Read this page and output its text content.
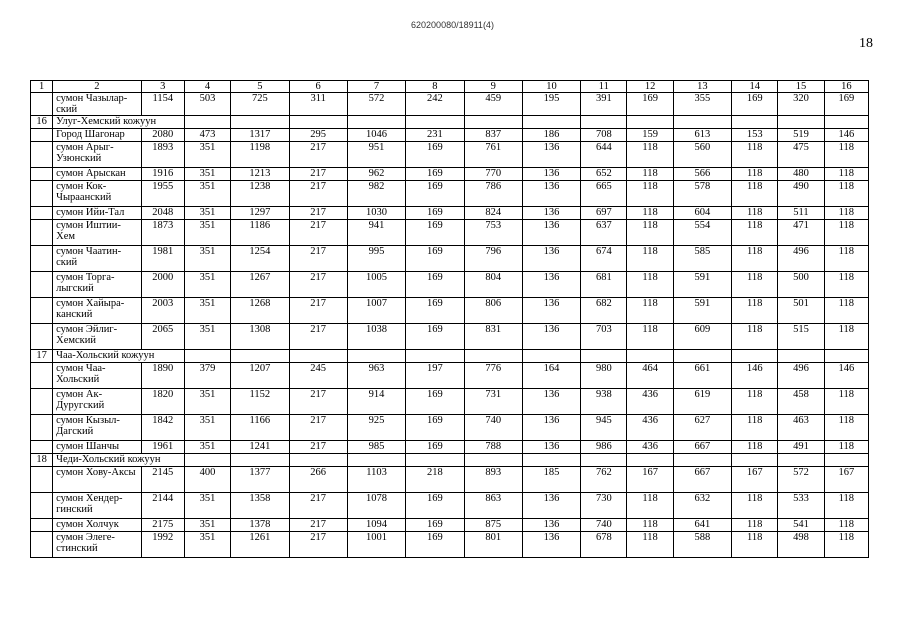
620200080/18911(4)
18
1	2	3	4	5	6	7	8	9	10	11	12	13	14	15	16
	сумон Чазылар-ский	1154	503	725	311	572	242	459	195	391	169	355	169	320	169
16	Улуг-Хемский кожуун														
	Город Шагонар	2080	473	1317	295	1046	231	837	186	708	159	613	153	519	146
	сумон Арыг-Узюнский	1893	351	1198	217	951	169	761	136	644	118	560	118	475	118
	сумон Арыскан	1916	351	1213	217	962	169	770	136	652	118	566	118	480	118
	сумон Кок-Чыраанский	1955	351	1238	217	982	169	786	136	665	118	578	118	490	118
	сумон Ийи-Тал	2048	351	1297	217	1030	169	824	136	697	118	604	118	511	118
	сумон Иштии-Хем	1873	351	1186	217	941	169	753	136	637	118	554	118	471	118
	сумон Чаатин-ский	1981	351	1254	217	995	169	796	136	674	118	585	118	496	118
	сумон Торга-лыгский	2000	351	1267	217	1005	169	804	136	681	118	591	118	500	118
	сумон Хайыра-канский	2003	351	1268	217	1007	169	806	136	682	118	591	118	501	118
	сумон Эйлиг-Хемский	2065	351	1308	217	1038	169	831	136	703	118	609	118	515	118
17	Чаа-Хольский кожуун														
	сумон Чаа-Хольский	1890	379	1207	245	963	197	776	164	980	464	661	146	496	146
	сумон Ак-Дуругский	1820	351	1152	217	914	169	731	136	938	436	619	118	458	118
	сумон Кызыл-Дагский	1842	351	1166	217	925	169	740	136	945	436	627	118	463	118
	сумон Шанчы	1961	351	1241	217	985	169	788	136	986	436	667	118	491	118
18	Чеди-Хольский кожуун														
	сумон Хову-Аксы	2145	400	1377	266	1103	218	893	185	762	167	667	167	572	167
	сумон Хендер-гинский	2144	351	1358	217	1078	169	863	136	730	118	632	118	533	118
	сумон Холчук	2175	351	1378	217	1094	169	875	136	740	118	641	118	541	118
	сумон Элеге-стинский	1992	351	1261	217	1001	169	801	136	678	118	588	118	498	118
